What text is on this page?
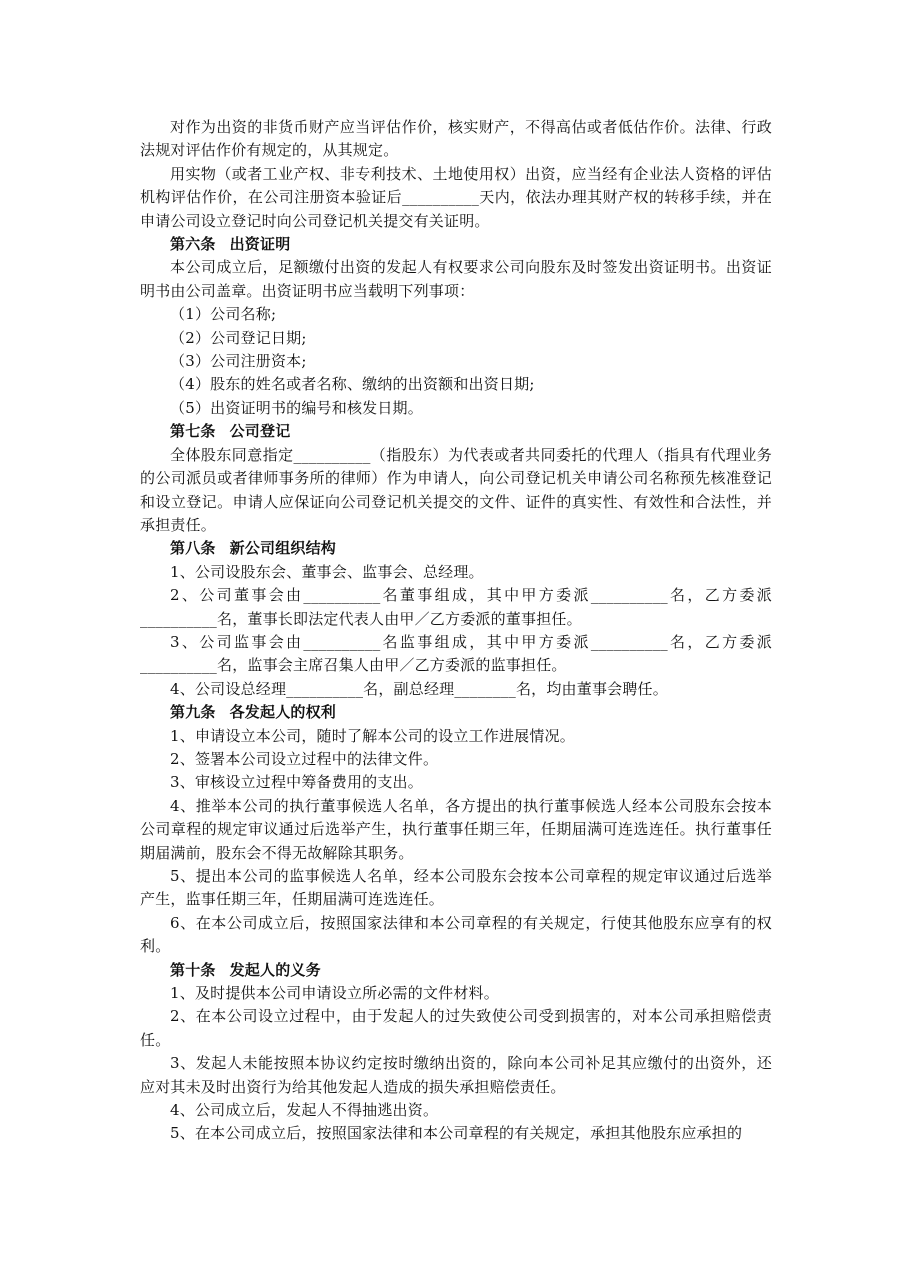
对作为出资的非货币财产应当评估作价，核实财产，不得高估或者低估作价。法律、行政法规对评估作价有规定的，从其规定。

用实物（或者工业产权、非专利技术、土地使用权）出资，应当经有企业法人资格的评估机构评估作价，在公司注册资本验证后__________天内，依法办理其财产权的转移手续，并在申请公司设立登记时向公司登记机关提交有关证明。

第六条 出资证明

本公司成立后，足额缴付出资的发起人有权要求公司向股东及时签发出资证明书。出资证明书由公司盖章。出资证明书应当载明下列事项：

（1）公司名称;

（2）公司登记日期;

（3）公司注册资本;

（4）股东的姓名或者名称、缴纳的出资额和出资日期;

（5）出资证明书的编号和核发日期。

第七条 公司登记

全体股东同意指定__________（指股东）为代表或者共同委托的代理人（指具有代理业务的公司派员或者律师事务所的律师）作为申请人，向公司登记机关申请公司名称预先核准登记和设立登记。申请人应保证向公司登记机关提交的文件、证件的真实性、有效性和合法性，并承担责任。

第八条 新公司组织结构

1、公司设股东会、董事会、监事会、总经理。

2、公司董事会由__________名董事组成，其中甲方委派__________名，乙方委派__________名，董事长即法定代表人由甲／乙方委派的董事担任。

3、公司监事会由__________名监事组成，其中甲方委派__________名，乙方委派__________名，监事会主席召集人由甲／乙方委派的监事担任。

4、公司设总经理__________名，副总经理________名，均由董事会聘任。

第九条 各发起人的权利

1、申请设立本公司，随时了解本公司的设立工作进展情况。

2、签署本公司设立过程中的法律文件。

3、审核设立过程中筹备费用的支出。

4、推举本公司的执行董事候选人名单，各方提出的执行董事候选人经本公司股东会按本公司章程的规定审议通过后选举产生，执行董事任期三年，任期届满可连选连任。执行董事任期届满前，股东会不得无故解除其职务。

5、提出本公司的监事候选人名单，经本公司股东会按本公司章程的规定审议通过后选举产生，监事任期三年，任期届满可连选连任。

6、在本公司成立后，按照国家法律和本公司章程的有关规定，行使其他股东应享有的权利。

第十条 发起人的义务

1、及时提供本公司申请设立所必需的文件材料。

2、在本公司设立过程中，由于发起人的过失致使公司受到损害的，对本公司承担赔偿责任。

3、发起人未能按照本协议约定按时缴纳出资的，除向本公司补足其应缴付的出资外，还应对其未及时出资行为给其他发起人造成的损失承担赔偿责任。

4、公司成立后，发起人不得抽逃出资。

5、在本公司成立后，按照国家法律和本公司章程的有关规定，承担其他股东应承担的
